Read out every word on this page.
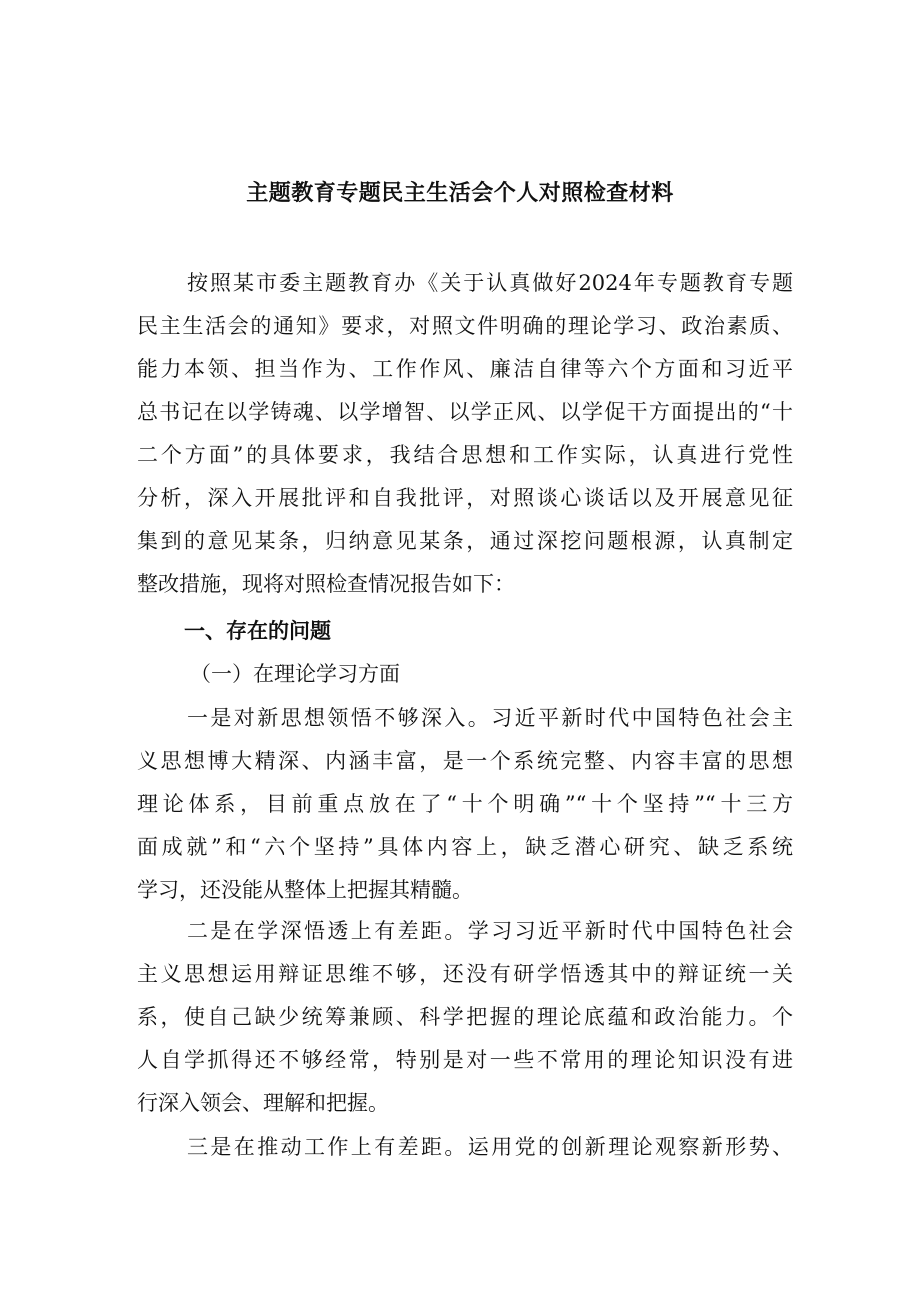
主题教育专题民主生活会个人对照检查材料
按照某市委主题教育办《关于认真做好2024年专题教育专题
民主生活会的通知》要求，对照文件明确的理论学习、政治素质、
能力本领、担当作为、工作作风、廉洁自律等六个方面和习近平
总书记在以学铸魂、以学增智、以学正风、以学促干方面提出的“十
二个方面”的具体要求，我结合思想和工作实际，认真进行党性
分析，深入开展批评和自我批评，对照谈心谈话以及开展意见征
集到的意见某条，归纳意见某条，通过深挖问题根源，认真制定
整改措施，现将对照检查情况报告如下：
一、存在的问题
（一）在理论学习方面
一是对新思想领悟不够深入。习近平新时代中国特色社会主
义思想博大精深、内涵丰富，是一个系统完整、内容丰富的思想
理论体系，目前重点放在了“十个明确”“十个坚持”“十三方
面成就”和“六个坚持”具体内容上，缺乏潜心研究、缺乏系统
学习，还没能从整体上把握其精髓。
二是在学深悟透上有差距。学习习近平新时代中国特色社会
主义思想运用辩证思维不够，还没有研学悟透其中的辩证统一关
系，使自己缺少统筹兼顾、科学把握的理论底蕴和政治能力。个
人自学抓得还不够经常，特别是对一些不常用的理论知识没有进
行深入领会、理解和把握。
三是在推动工作上有差距。运用党的创新理论观察新形势、
